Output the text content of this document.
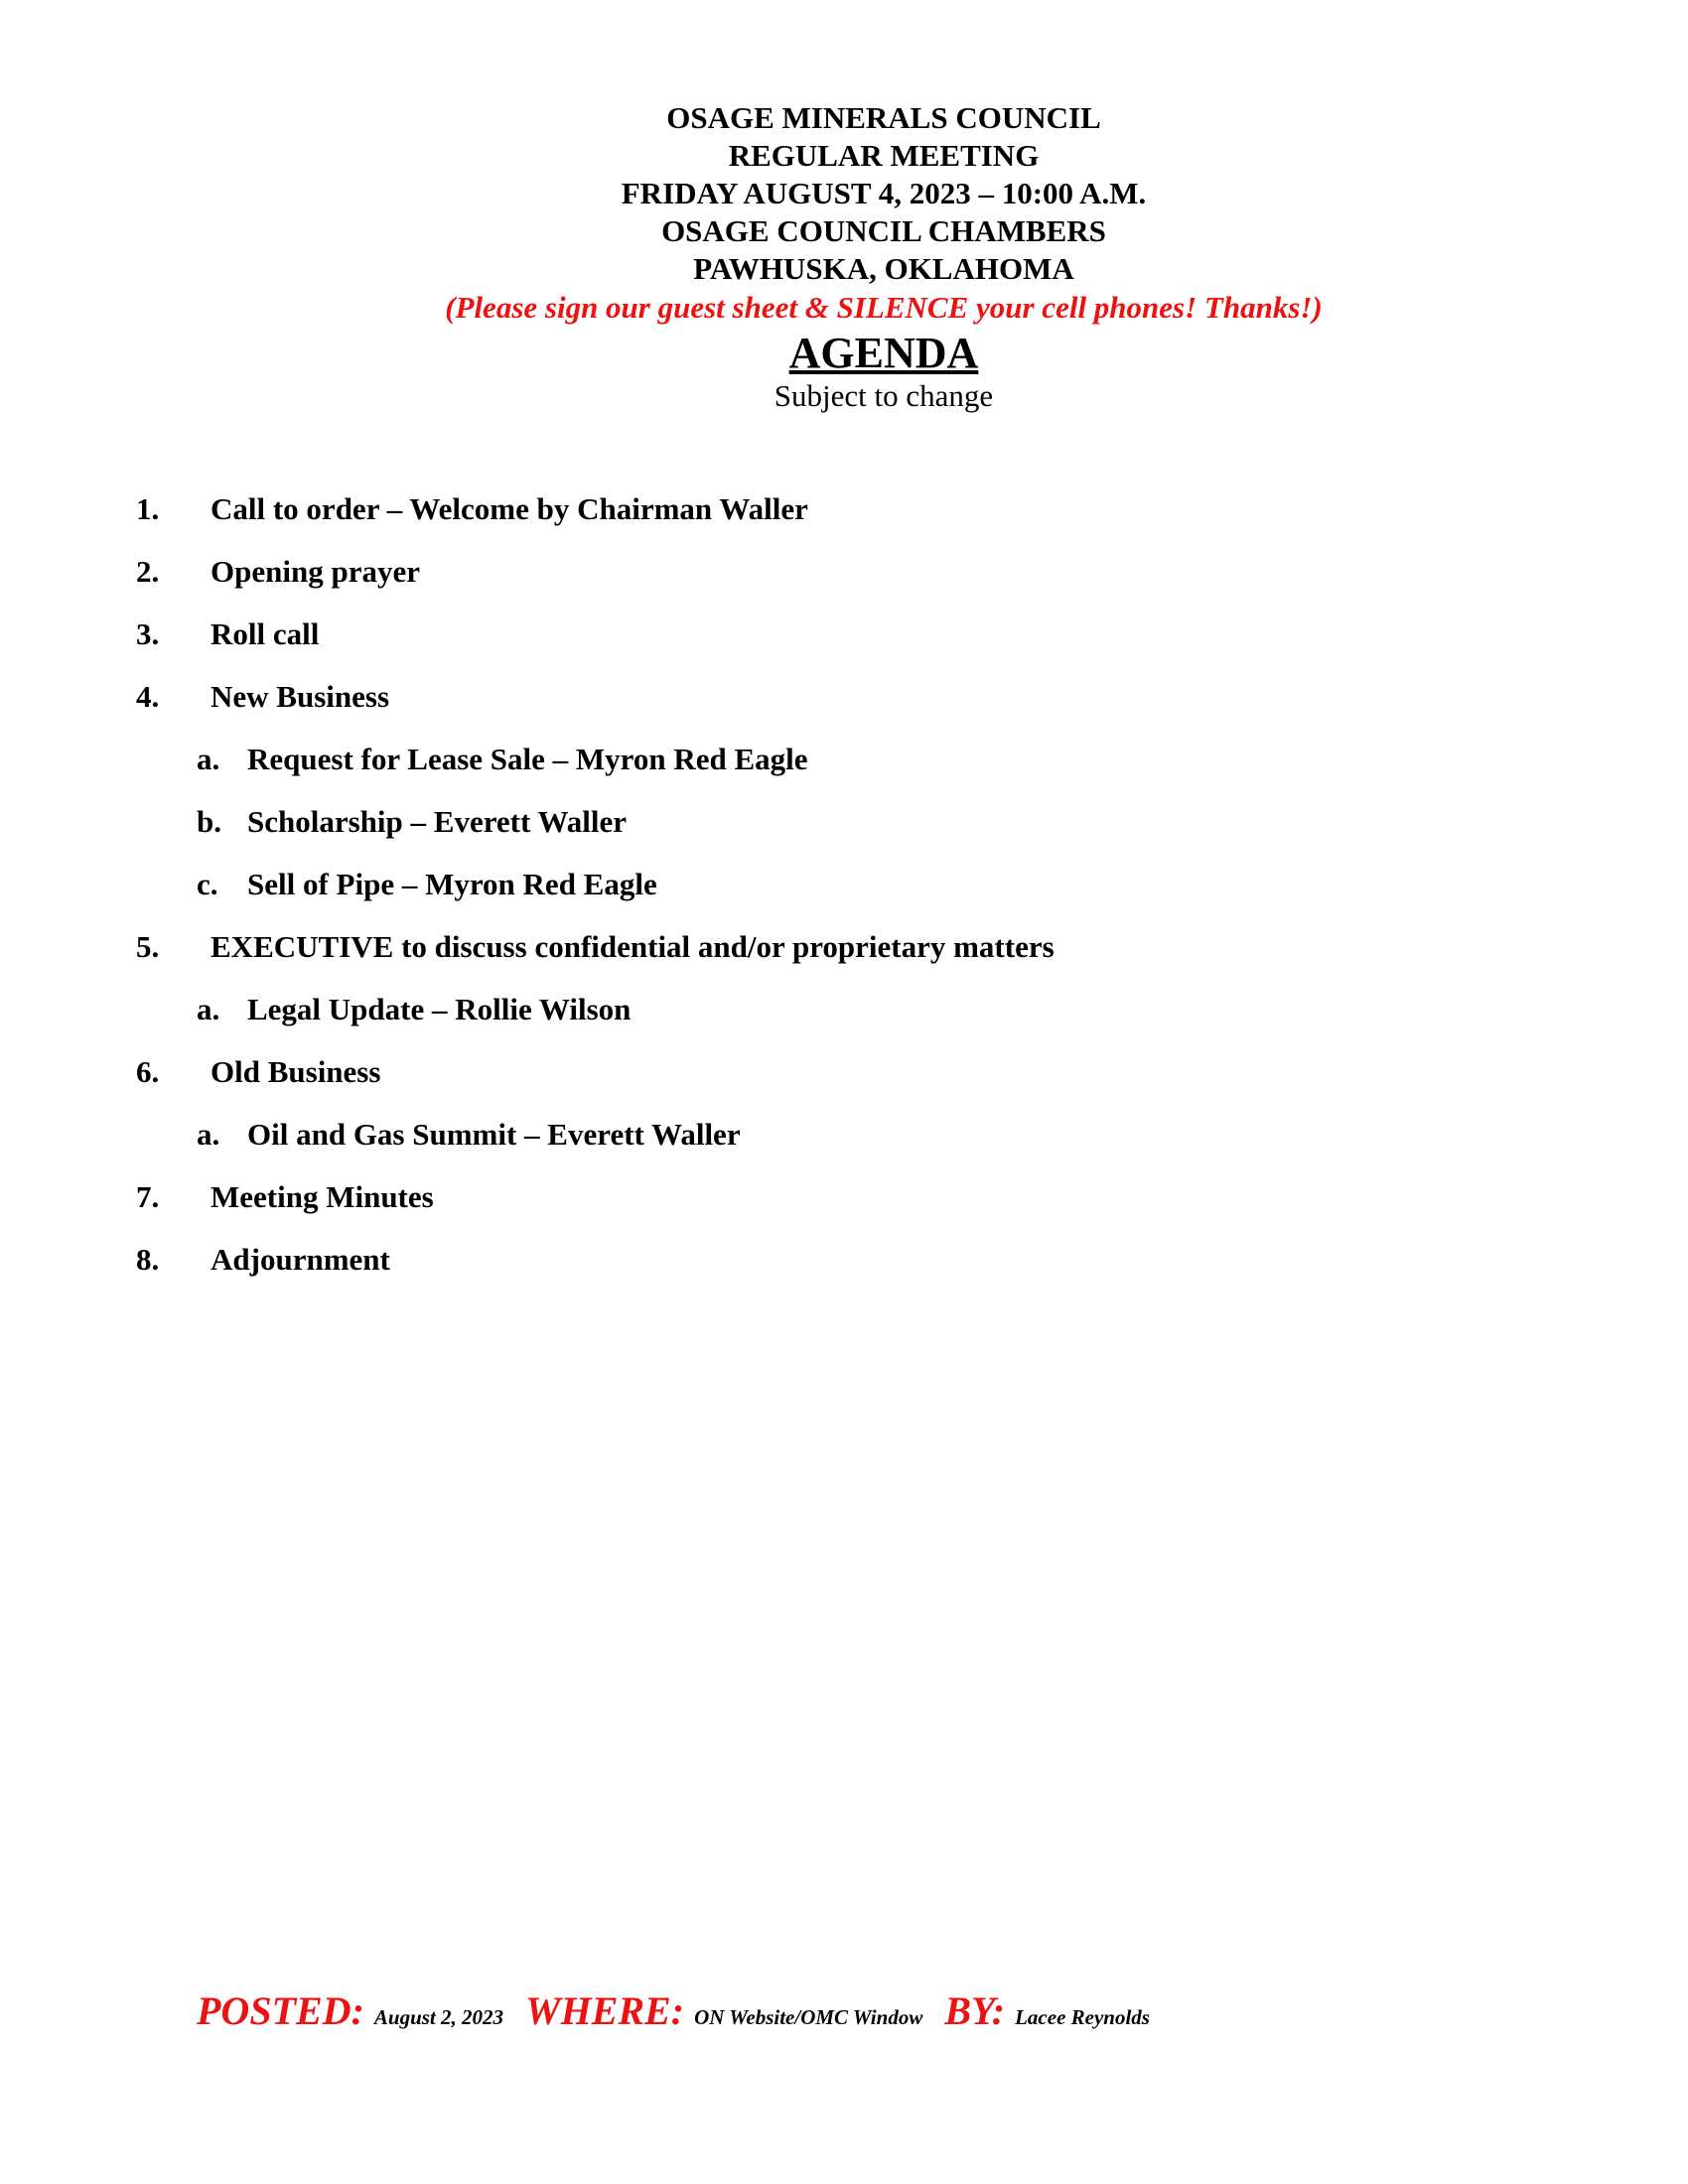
OSAGE MINERALS COUNCIL

REGULAR MEETING

FRIDAY AUGUST 4, 2023 – 10:00 A.M.

OSAGE COUNCIL CHAMBERS

PAWHUSKA, OKLAHOMA

(Please sign our guest sheet & SILENCE your cell phones! Thanks!)

AGENDA

Subject to change

1. Call to order – Welcome by Chairman Waller
2. Opening prayer
3. Roll call
4. New Business
a. Request for Lease Sale – Myron Red Eagle
b. Scholarship – Everett Waller
c. Sell of Pipe – Myron Red Eagle
5. EXECUTIVE to discuss confidential and/or proprietary matters
a. Legal Update – Rollie Wilson
6. Old Business
a. Oil and Gas Summit – Everett Waller
7. Meeting Minutes
8. Adjournment
POSTED: August 2, 2023 WHERE: ON Website/OMC Window BY: Lacee Reynolds
